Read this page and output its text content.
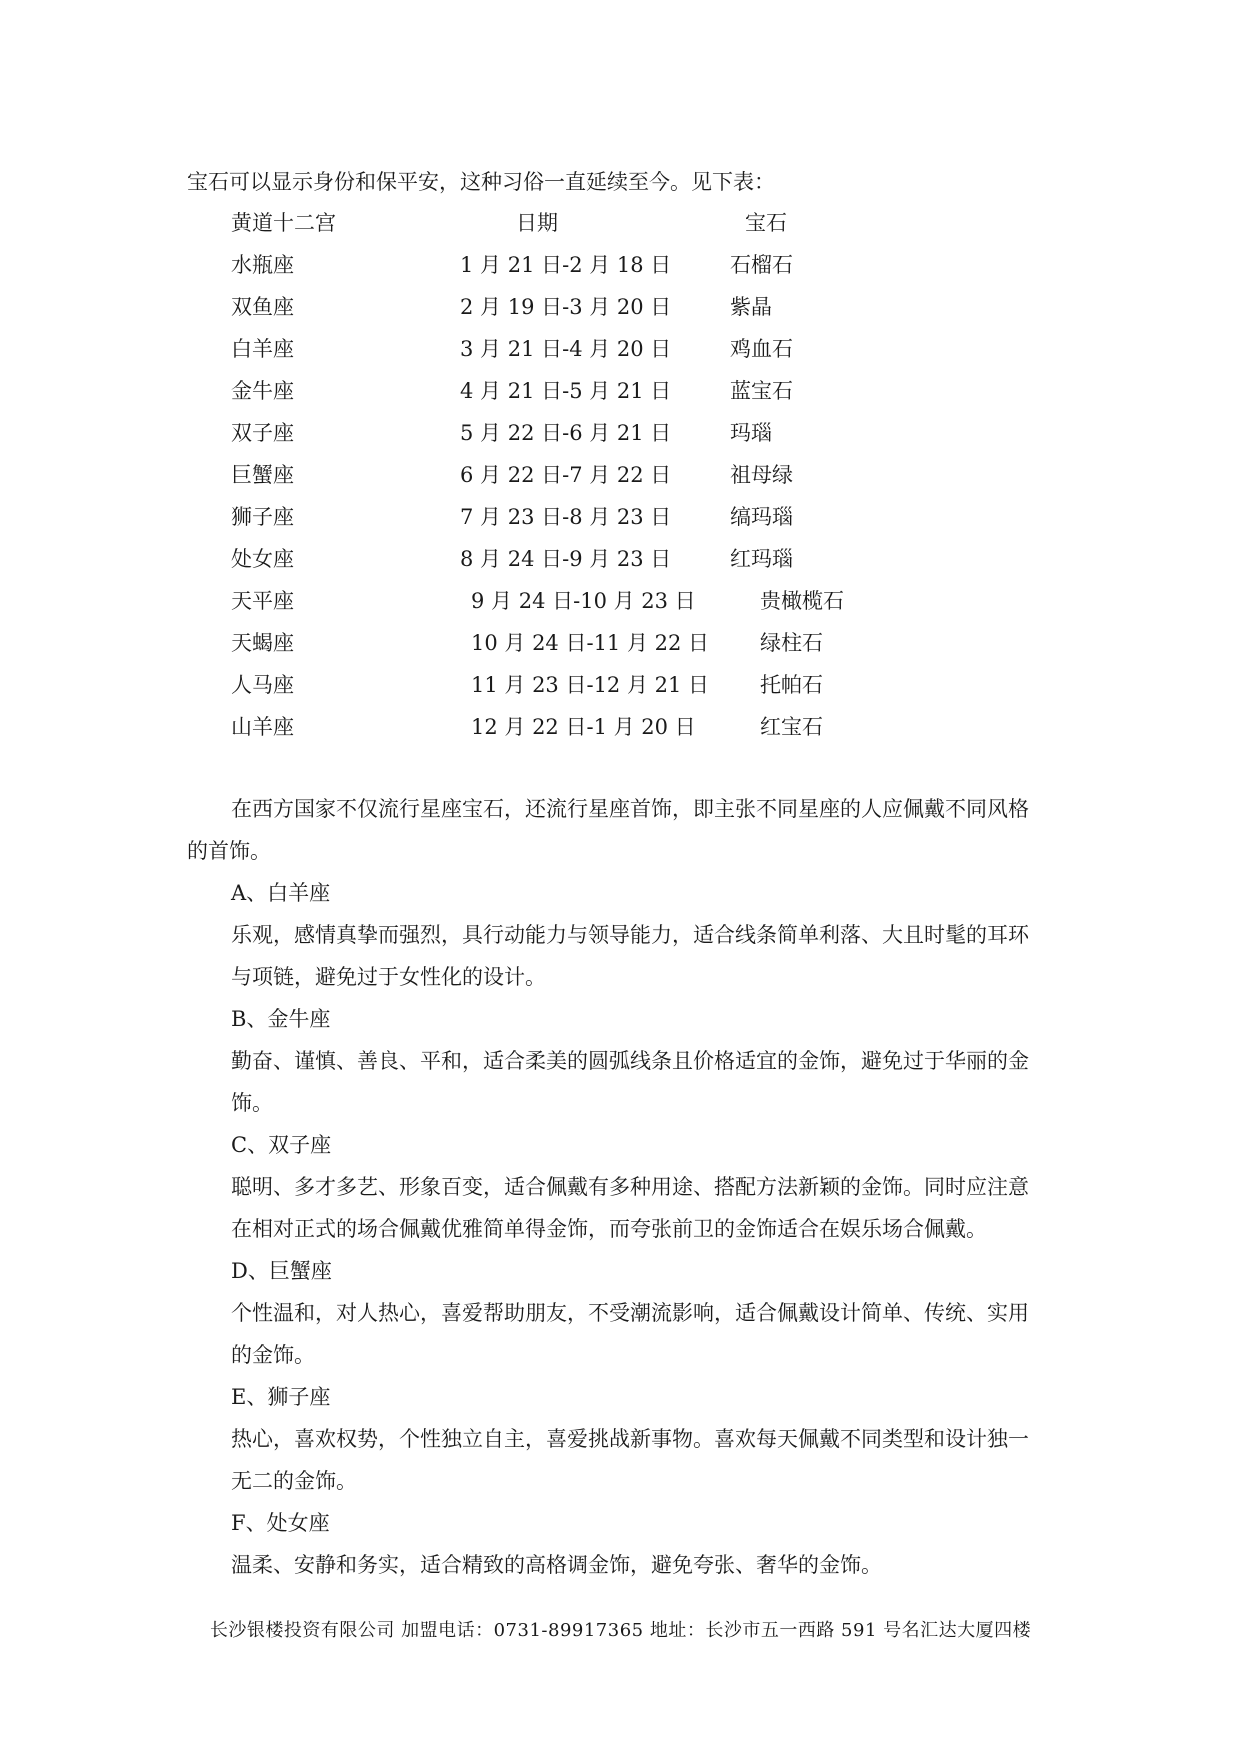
宝石可以显示身份和保平安，这种习俗一直延续至今。见下表：
黄道十二宫	日期	宝石
水瓶座	1 月 21 日-2 月 18 日	石榴石
双鱼座	2 月 19 日-3 月 20 日	紫晶
白羊座	3 月 21 日-4 月 20 日	鸡血石
金牛座	4 月 21 日-5 月 21 日	蓝宝石
双子座	5 月 22 日-6 月 21 日	玛瑙
巨蟹座	6 月 22 日-7 月 22 日	祖母绿
狮子座	7 月 23 日-8 月 23 日	缟玛瑙
处女座	8 月 24 日-9 月 23 日	红玛瑙
天平座	9 月 24 日-10 月 23 日	贵橄榄石
天蝎座	10 月 24 日-11 月 22 日 绿柱石
人马座	11 月 23 日-12 月 21 日 托帕石
山羊座	12 月 22 日-1 月 20 日	红宝石
在西方国家不仅流行星座宝石，还流行星座首饰，即主张不同星座的人应佩戴不同风格
的首饰。
A、白羊座
乐观，感情真挚而强烈，具行动能力与领导能力，适合线条简单利落、大且时髦的耳环
与项链，避免过于女性化的设计。
B、金牛座
勤奋、谨慎、善良、平和，适合柔美的圆弧线条且价格适宜的金饰，避免过于华丽的金
饰。
C、双子座
聪明、多才多艺、形象百变，适合佩戴有多种用途、搭配方法新颖的金饰。同时应注意
在相对正式的场合佩戴优雅简单得金饰，而夸张前卫的金饰适合在娱乐场合佩戴。
D、巨蟹座
个性温和，对人热心，喜爱帮助朋友，不受潮流影响，适合佩戴设计简单、传统、实用
的金饰。
E、狮子座
热心，喜欢权势，个性独立自主，喜爱挑战新事物。喜欢每天佩戴不同类型和设计独一
无二的金饰。
F、处女座
温柔、安静和务实，适合精致的高格调金饰，避免夸张、奢华的金饰。
长沙银楼投资有限公司 加盟电话：0731-89917365 地址：长沙市五一西路 591 号名汇达大厦四楼
